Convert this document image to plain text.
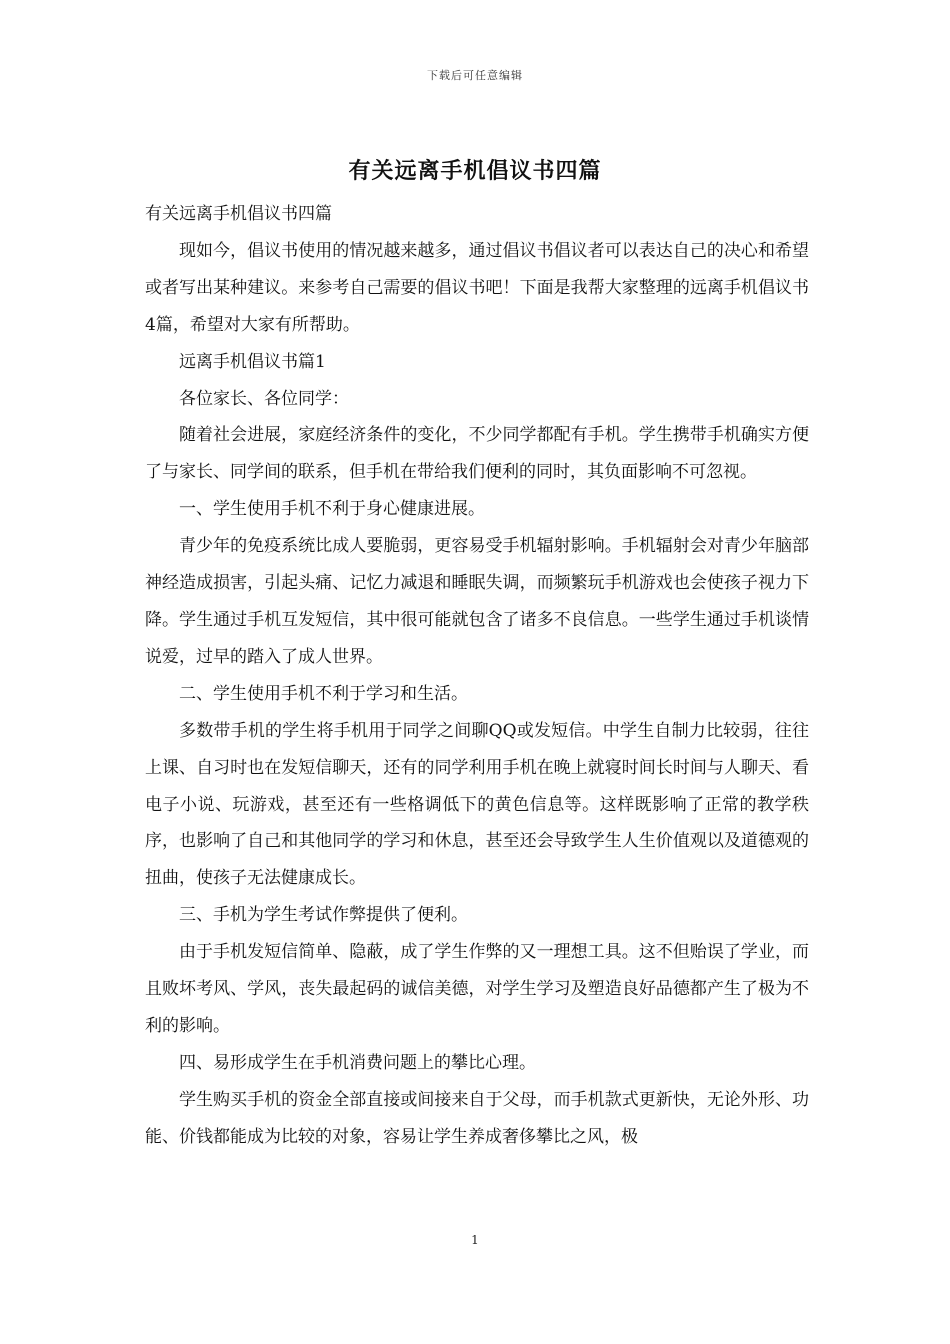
下载后可任意编辑
有关远离手机倡议书四篇

有关远离手机倡议书四篇

现如今，倡议书使用的情况越来越多，通过倡议书倡议者可以表达自己的决心和希望或者写出某种建议。来参考自己需要的倡议书吧！下面是我帮大家整理的远离手机倡议书4篇，希望对大家有所帮助。

远离手机倡议书篇1

各位家长、各位同学：

随着社会进展，家庭经济条件的变化，不少同学都配有手机。学生携带手机确实方便了与家长、同学间的联系，但手机在带给我们便利的同时，其负面影响不可忽视。

一、学生使用手机不利于身心健康进展。

青少年的免疫系统比成人要脆弱，更容易受手机辐射影响。手机辐射会对青少年脑部神经造成损害，引起头痛、记忆力减退和睡眠失调，而频繁玩手机游戏也会使孩子视力下降。学生通过手机互发短信，其中很可能就包含了诸多不良信息。一些学生通过手机谈情说爱，过早的踏入了成人世界。

二、学生使用手机不利于学习和生活。

多数带手机的学生将手机用于同学之间聊QQ或发短信。中学生自制力比较弱，往往上课、自习时也在发短信聊天，还有的同学利用手机在晚上就寝时间长时间与人聊天、看电子小说、玩游戏，甚至还有一些格调低下的黄色信息等。这样既影响了正常的教学秩序，也影响了自己和其他同学的学习和休息，甚至还会导致学生人生价值观以及道德观的扭曲，使孩子无法健康成长。

三、手机为学生考试作弊提供了便利。

由于手机发短信简单、隐蔽，成了学生作弊的又一理想工具。这不但贻误了学业，而且败坏考风、学风，丧失最起码的诚信美德，对学生学习及塑造良好品德都产生了极为不利的影响。

四、易形成学生在手机消费问题上的攀比心理。

学生购买手机的资金全部直接或间接来自于父母，而手机款式更新快，无论外形、功能、价钱都能成为比较的对象，容易让学生养成奢侈攀比之风，极

1
